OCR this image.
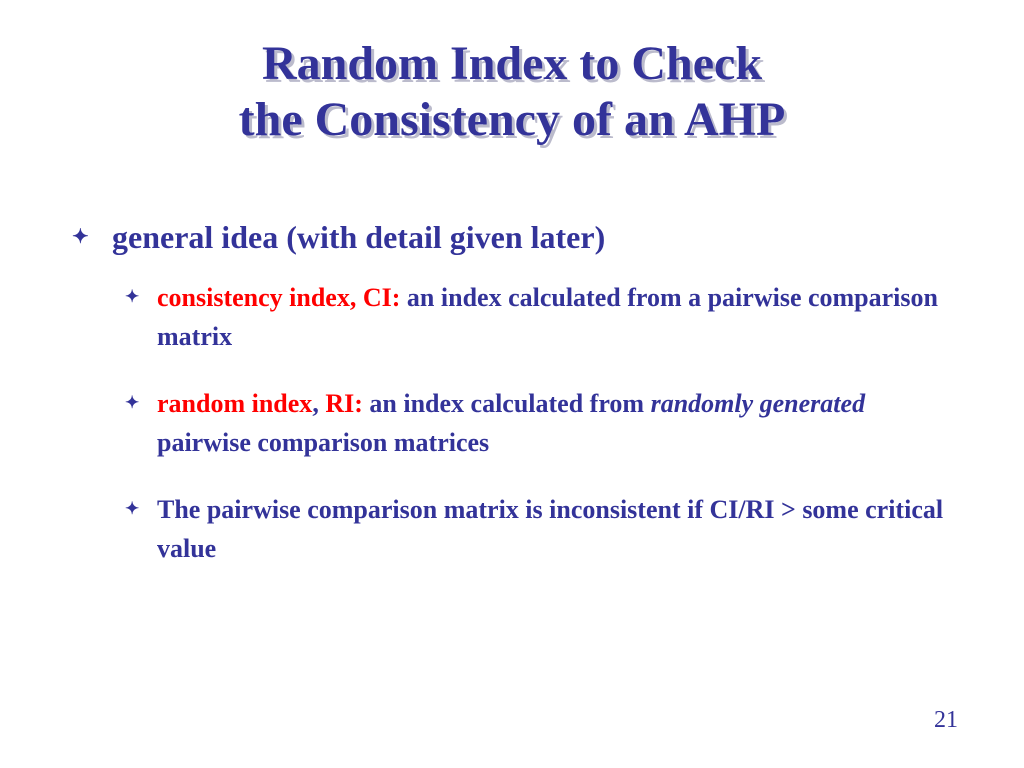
Random Index to Check
the Consistency of an AHP
✦ general idea (with detail given later)
✦ consistency index, CI: an index calculated from a pairwise comparison matrix
✦ random index, RI: an index calculated from randomly generated pairwise comparison matrices
✦ The pairwise comparison matrix is inconsistent if CI/RI > some critical value
21
